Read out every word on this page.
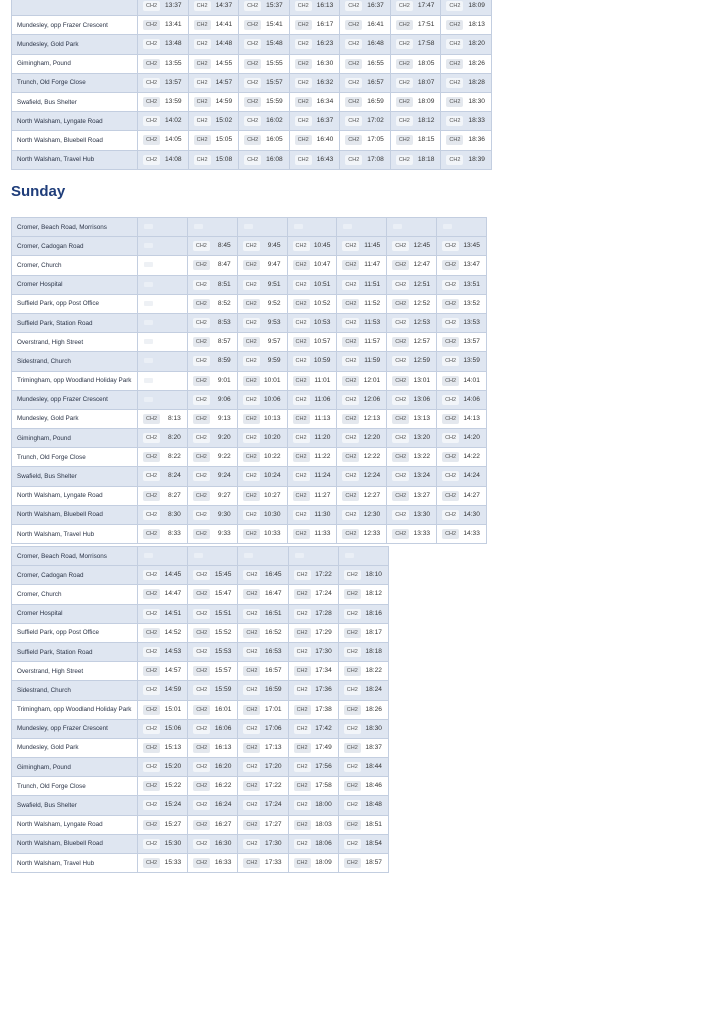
	CH2 13:37	CH2 14:37	CH2 15:37	CH2 16:13	CH2 16:37	CH2 17:47	CH2 18:09

Mundesley, opp Frazer Crescent	CH2 13:41	CH2 14:41	CH2 15:41	CH2 16:17	CH2 16:41	CH2 17:51	CH2 18:13

Mundesley, Gold Park	CH2 13:48	CH2 14:48	CH2 15:48	CH2 16:23	CH2 16:48	CH2 17:58	CH2 18:20

Gimingham, Pound	CH2 13:55	CH2 14:55	CH2 15:55	CH2 16:30	CH2 16:55	CH2 18:05	CH2 18:26

Trunch, Old Forge Close	CH2 13:57	CH2 14:57	CH2 15:57	CH2 16:32	CH2 16:57	CH2 18:07	CH2 18:28

Swafield, Bus Shelter	CH2 13:59	CH2 14:59	CH2 15:59	CH2 16:34	CH2 16:59	CH2 18:09	CH2 18:30

North Walsham, Lyngate Road	CH2 14:02	CH2 15:02	CH2 16:02	CH2 16:37	CH2 17:02	CH2 18:12	CH2 18:33

North Walsham, Bluebell Road	CH2 14:05	CH2 15:05	CH2 16:05	CH2 16:40	CH2 17:05	CH2 18:15	CH2 18:36

North Walsham, Travel Hub	CH2 14:08	CH2 15:08	CH2 16:08	CH2 16:43	CH2 17:08	CH2 18:18	CH2 18:39
Sunday
Cromer, Beach Road, Morrisons	

Cromer, Cadogan Road		CH2 8:45	CH2 9:45	CH2 10:45	CH2 11:45	CH2 12:45	CH2 13:45

Cromer, Church		CH2 8:47	CH2 9:47	CH2 10:47	CH2 11:47	CH2 12:47	CH2 13:47

Cromer Hospital		CH2 8:51	CH2 9:51	CH2 10:51	CH2 11:51	CH2 12:51	CH2 13:51

Suffield Park, opp Post Office		CH2 8:52	CH2 9:52	CH2 10:52	CH2 11:52	CH2 12:52	CH2 13:52

Suffield Park, Station Road		CH2 8:53	CH2 9:53	CH2 10:53	CH2 11:53	CH2 12:53	CH2 13:53

Overstrand, High Street		CH2 8:57	CH2 9:57	CH2 10:57	CH2 11:57	CH2 12:57	CH2 13:57

Sidestrand, Church		CH2 8:59	CH2 9:59	CH2 10:59	CH2 11:59	CH2 12:59	CH2 13:59

Trimingham, opp Woodland Holiday Park		CH2 9:01	CH2 10:01	CH2 11:01	CH2 12:01	CH2 13:01	CH2 14:01

Mundesley, opp Frazer Crescent		CH2 9:06	CH2 10:06	CH2 11:06	CH2 12:06	CH2 13:06	CH2 14:06

Mundesley, Gold Park	CH2 8:13	CH2 9:13	CH2 10:13	CH2 11:13	CH2 12:13	CH2 13:13	CH2 14:13

Gimingham, Pound	CH2 8:20	CH2 9:20	CH2 10:20	CH2 11:20	CH2 12:20	CH2 13:20	CH2 14:20

Trunch, Old Forge Close	CH2 8:22	CH2 9:22	CH2 10:22	CH2 11:22	CH2 12:22	CH2 13:22	CH2 14:22

Swafield, Bus Shelter	CH2 8:24	CH2 9:24	CH2 10:24	CH2 11:24	CH2 12:24	CH2 13:24	CH2 14:24

North Walsham, Lyngate Road	CH2 8:27	CH2 9:27	CH2 10:27	CH2 11:27	CH2 12:27	CH2 13:27	CH2 14:27

North Walsham, Bluebell Road	CH2 8:30	CH2 9:30	CH2 10:30	CH2 11:30	CH2 12:30	CH2 13:30	CH2 14:30

North Walsham, Travel Hub	CH2 8:33	CH2 9:33	CH2 10:33	CH2 11:33	CH2 12:33	CH2 13:33	CH2 14:33
Cromer, Beach Road, Morrisons	

Cromer, Cadogan Road	CH2 14:45	CH2 15:45	CH2 16:45	CH2 17:22	CH2 18:10

Cromer, Church	CH2 14:47	CH2 15:47	CH2 16:47	CH2 17:24	CH2 18:12

Cromer Hospital	CH2 14:51	CH2 15:51	CH2 16:51	CH2 17:28	CH2 18:16

Suffield Park, opp Post Office	CH2 14:52	CH2 15:52	CH2 16:52	CH2 17:29	CH2 18:17

Suffield Park, Station Road	CH2 14:53	CH2 15:53	CH2 16:53	CH2 17:30	CH2 18:18

Overstrand, High Street	CH2 14:57	CH2 15:57	CH2 16:57	CH2 17:34	CH2 18:22

Sidestrand, Church	CH2 14:59	CH2 15:59	CH2 16:59	CH2 17:36	CH2 18:24

Trimingham, opp Woodland Holiday Park	CH2 15:01	CH2 16:01	CH2 17:01	CH2 17:38	CH2 18:26

Mundesley, opp Frazer Crescent	CH2 15:06	CH2 16:06	CH2 17:06	CH2 17:42	CH2 18:30

Mundesley, Gold Park	CH2 15:13	CH2 16:13	CH2 17:13	CH2 17:49	CH2 18:37

Gimingham, Pound	CH2 15:20	CH2 16:20	CH2 17:20	CH2 17:56	CH2 18:44

Trunch, Old Forge Close	CH2 15:22	CH2 16:22	CH2 17:22	CH2 17:58	CH2 18:46

Swafield, Bus Shelter	CH2 15:24	CH2 16:24	CH2 17:24	CH2 18:00	CH2 18:48

North Walsham, Lyngate Road	CH2 15:27	CH2 16:27	CH2 17:27	CH2 18:03	CH2 18:51

North Walsham, Bluebell Road	CH2 15:30	CH2 16:30	CH2 17:30	CH2 18:06	CH2 18:54

North Walsham, Travel Hub	CH2 15:33	CH2 16:33	CH2 17:33	CH2 18:09	CH2 18:57
